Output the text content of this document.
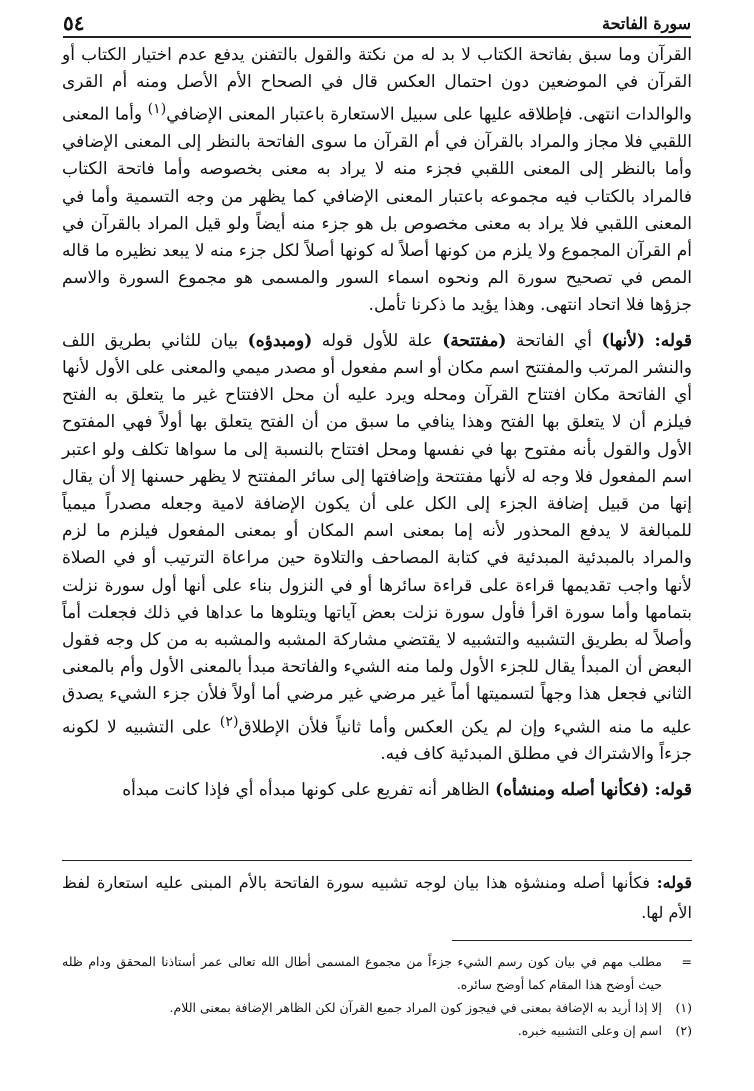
سورة الفاتحة
٥٤

القرآن وما سبق بفاتحة الكتاب لا بد له من نكتة والقول بالتفنن يدفع عدم اختيار الكتاب أو القرآن في الموضعين دون احتمال العكس قال في الصحاح الأم الأصل ومنه أم القرى والوالدات انتهى. فإطلاقه عليها على سبيل الاستعارة باعتبار المعنى الإضافي$^{(١)}$ وأما المعنى اللقبي فلا مجاز والمراد بالقرآن في أم القرآن ما سوى الفاتحة بالنظر إلى المعنى الإضافي وأما بالنظر إلى المعنى اللقبي فجزء منه لا يراد به معنى بخصوصه وأما فاتحة الكتاب فالمراد بالكتاب فيه مجموعه باعتبار المعنى الإضافي كما يظهر من وجه التسمية وأما في المعنى اللقبي فلا يراد به معنى مخصوص بل هو جزء منه أيضاً ولو قيل المراد بالقرآن في أم القرآن المجموع ولا يلزم من كونها أصلاً له كونها أصلاً لكل جزء منه لا يبعد نظيره ما قاله المص في تصحيح سورة الم ونحوه اسماء السور والمسمى هو مجموع السورة والاسم جزؤها فلا اتحاد انتهى. وهذا يؤيد ما ذكرنا تأمل.

قوله: (لأنها) أي الفاتحة (مفتتحة) علة للأول قوله (ومبدؤه) بيان للثاني بطريق اللف والنشر المرتب والمفتتح اسم مكان أو اسم مفعول أو مصدر ميمي والمعنى على الأول لأنها أي الفاتحة مكان افتتاح القرآن ومحله ويرد عليه أن محل الافتتاح غير ما يتعلق به الفتح فيلزم أن لا يتعلق بها الفتح وهذا ينافي ما سبق من أن الفتح يتعلق بها أولاً فهي المفتوح الأول والقول بأنه مفتوح بها في نفسها ومحل افتتاح بالنسبة إلى ما سواها تكلف ولو اعتبر اسم المفعول فلا وجه له لأنها مفتتحة وإضافتها إلى سائر المفتتح لا يظهر حسنها إلا أن يقال إنها من قبيل إضافة الجزء إلى الكل على أن يكون الإضافة لامية وجعله مصدراً ميمياً للمبالغة لا يدفع المحذور لأنه إما بمعنى اسم المكان أو بمعنى المفعول فيلزم ما لزم والمراد بالمبدئية المبدئية في كتابة المصاحف والتلاوة حين مراعاة الترتيب أو في الصلاة لأنها واجب تقديمها قراءة على قراءة سائرها أو في النزول بناء على أنها أول سورة نزلت بتمامها وأما سورة اقرأ فأول سورة نزلت بعض آياتها ويتلوها ما عداها في ذلك فجعلت أماً وأصلاً له بطريق التشبيه والتشبيه لا يقتضي مشاركة المشبه والمشبه به من كل وجه فقول البعض أن المبدأ يقال للجزء الأول ولما منه الشيء والفاتحة مبدأ بالمعنى الأول وأم بالمعنى الثاني فجعل هذا وجهاً لتسميتها أماً غير مرضي غير مرضي أما أولاً فلأن جزء الشيء يصدق عليه ما منه الشيء وإن لم يكن العكس وأما ثانياً فلأن الإطلاق$^{(٢)}$ على التشبيه لا لكونه جزءاً والاشتراك في مطلق المبدئية كاف فيه.

قوله: (فكأنها أصله ومنشأه) الظاهر أنه تفريع على كونها مبدأه أي فإذا كانت مبدأه

قوله: فكأنها أصله ومنشؤه هذا بيان لوجه تشبيه سورة الفاتحة بالأم المبنى عليه استعارة لفظ الأم لها.

=
مطلب مهم في بيان كون رسم الشيء جزءاً من مجموع المسمى أطال الله تعالى عمر أستاذنا المحقق ودام ظله حيث أوضح هذا المقام كما أوضح سائره.
(١)
إلا إذا أريد به الإضافة بمعنى في فيجوز كون المراد جميع القرآن لكن الظاهر الإضافة بمعنى اللام.
(٢)
اسم إن وعلى التشبيه خبره.
